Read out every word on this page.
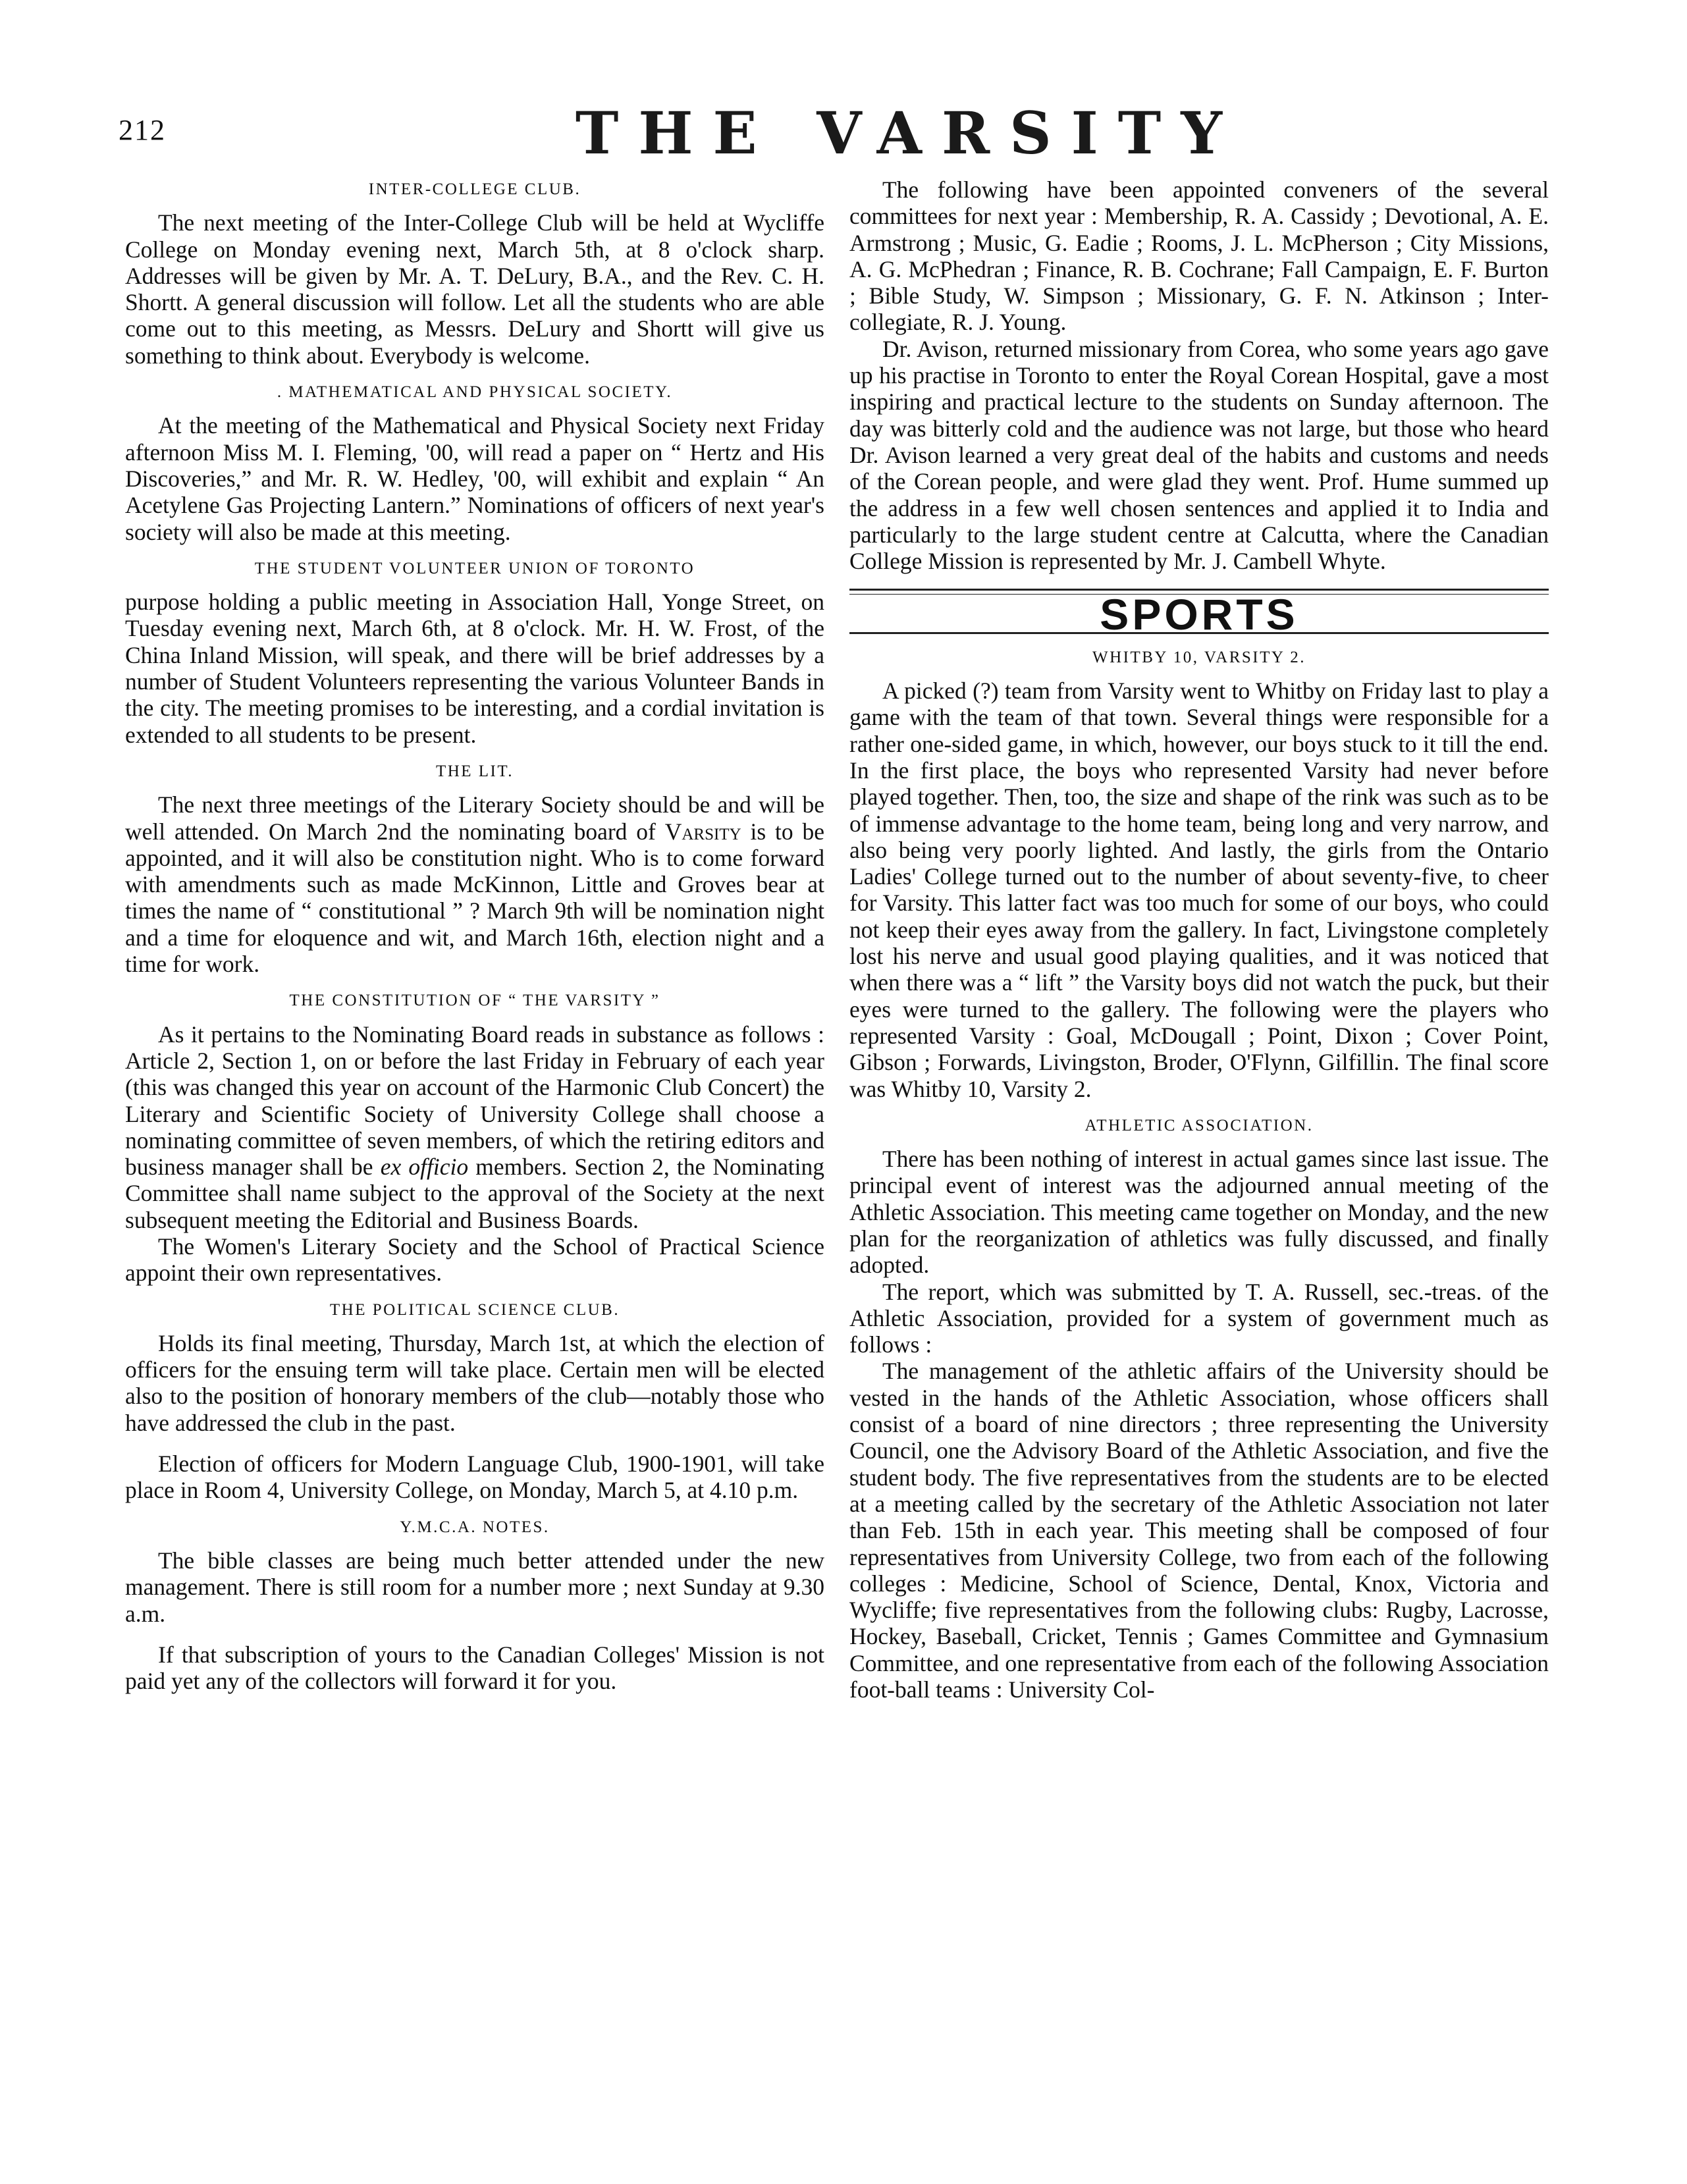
212	THE VARSITY
INTER-COLLEGE CLUB.

The next meeting of the Inter-College Club will be held at Wycliffe College on Monday evening next, March 5th, at 8 o'clock sharp. Addresses will be given by Mr. A. T. DeLury, B.A., and the Rev. C. H. Shortt. A general discussion will follow. Let all the students who are able come out to this meeting, as Messrs. DeLury and Shortt will give us something to think about. Everybody is welcome.

. MATHEMATICAL AND PHYSICAL SOCIETY.

At the meeting of the Mathematical and Physical Society next Friday afternoon Miss M. I. Fleming, '00, will read a paper on “ Hertz and His Discoveries,” and Mr. R. W. Hedley, '00, will exhibit and explain “ An Acetylene Gas Projecting Lantern.” Nominations of officers of next year's society will also be made at this meeting.

THE STUDENT VOLUNTEER UNION OF TORONTO

purpose holding a public meeting in Association Hall, Yonge Street, on Tuesday evening next, March 6th, at 8 o'clock. Mr. H. W. Frost, of the China Inland Mission, will speak, and there will be brief addresses by a number of Student Volunteers representing the various Volunteer Bands in the city. The meeting promises to be interesting, and a cordial invitation is extended to all students to be present.

THE LIT.

The next three meetings of the Literary Society should be and will be well attended. On March 2nd the nominating board of Varsity is to be appointed, and it will also be constitution night. Who is to come forward with amendments such as made McKinnon, Little and Groves bear at times the name of “ constitutional ” ? March 9th will be nomination night and a time for eloquence and wit, and March 16th, election night and a time for work.

THE CONSTITUTION OF “ THE VARSITY ”

As it pertains to the Nominating Board reads in substance as follows : Article 2, Section 1, on or before the last Friday in February of each year (this was changed this year on account of the Harmonic Club Concert) the Literary and Scientific Society of University College shall choose a nominating committee of seven members, of which the retiring editors and business manager shall be ex officio members. Section 2, the Nominating Committee shall name subject to the approval of the Society at the next subsequent meeting the Editorial and Business Boards.

The Women's Literary Society and the School of Practical Science appoint their own representatives.

THE POLITICAL SCIENCE CLUB.

Holds its final meeting, Thursday, March 1st, at which the election of officers for the ensuing term will take place. Certain men will be elected also to the position of honorary members of the club—notably those who have addressed the club in the past.

Election of officers for Modern Language Club, 1900-1901, will take place in Room 4, University College, on Monday, March 5, at 4.10 p.m.

Y.M.C.A. NOTES.

The bible classes are being much better attended under the new management. There is still room for a number more ; next Sunday at 9.30 a.m.

If that subscription of yours to the Canadian Colleges' Mission is not paid yet any of the collectors will forward it for you.

The following have been appointed conveners of the several committees for next year : Membership, R. A. Cassidy ; Devotional, A. E. Armstrong ; Music, G. Eadie ; Rooms, J. L. McPherson ; City Missions, A. G. McPhedran ; Finance, R. B. Cochrane; Fall Campaign, E. F. Burton ; Bible Study, W. Simpson ; Missionary, G. F. N. Atkinson ; Inter-collegiate, R. J. Young.

Dr. Avison, returned missionary from Corea, who some years ago gave up his practise in Toronto to enter the Royal Corean Hospital, gave a most inspiring and practical lecture to the students on Sunday afternoon. The day was bitterly cold and the audience was not large, but those who heard Dr. Avison learned a very great deal of the habits and customs and needs of the Corean people, and were glad they went. Prof. Hume summed up the address in a few well chosen sentences and applied it to India and particularly to the large student centre at Calcutta, where the Canadian College Mission is represented by Mr. J. Cambell Whyte.

SPORTS
WHITBY 10, VARSITY 2.

A picked (?) team from Varsity went to Whitby on Friday last to play a game with the team of that town. Several things were responsible for a rather one-sided game, in which, however, our boys stuck to it till the end. In the first place, the boys who represented Varsity had never before played together. Then, too, the size and shape of the rink was such as to be of immense advantage to the home team, being long and very narrow, and also being very poorly lighted. And lastly, the girls from the Ontario Ladies' College turned out to the number of about seventy-five, to cheer for Varsity. This latter fact was too much for some of our boys, who could not keep their eyes away from the gallery. In fact, Livingstone completely lost his nerve and usual good playing qualities, and it was noticed that when there was a “ lift ” the Varsity boys did not watch the puck, but their eyes were turned to the gallery. The following were the players who represented Varsity : Goal, McDougall ; Point, Dixon ; Cover Point, Gibson ; Forwards, Livingston, Broder, O'Flynn, Gilfillin. The final score was Whitby 10, Varsity 2.

ATHLETIC ASSOCIATION.

There has been nothing of interest in actual games since last issue. The principal event of interest was the adjourned annual meeting of the Athletic Association. This meeting came together on Monday, and the new plan for the reorganization of athletics was fully discussed, and finally adopted.

The report, which was submitted by T. A. Russell, sec.-treas. of the Athletic Association, provided for a system of government much as follows :

The management of the athletic affairs of the University should be vested in the hands of the Athletic Association, whose officers shall consist of a board of nine directors ; three representing the University Council, one the Advisory Board of the Athletic Association, and five the student body. The five representatives from the students are to be elected at a meeting called by the secretary of the Athletic Association not later than Feb. 15th in each year. This meeting shall be composed of four representatives from University College, two from each of the following colleges : Medicine, School of Science, Dental, Knox, Victoria and Wycliffe; five representatives from the following clubs: Rugby, Lacrosse, Hockey, Baseball, Cricket, Tennis ; Games Committee and Gymnasium Committee, and one representative from each of the following Association foot-ball teams : University Col-
